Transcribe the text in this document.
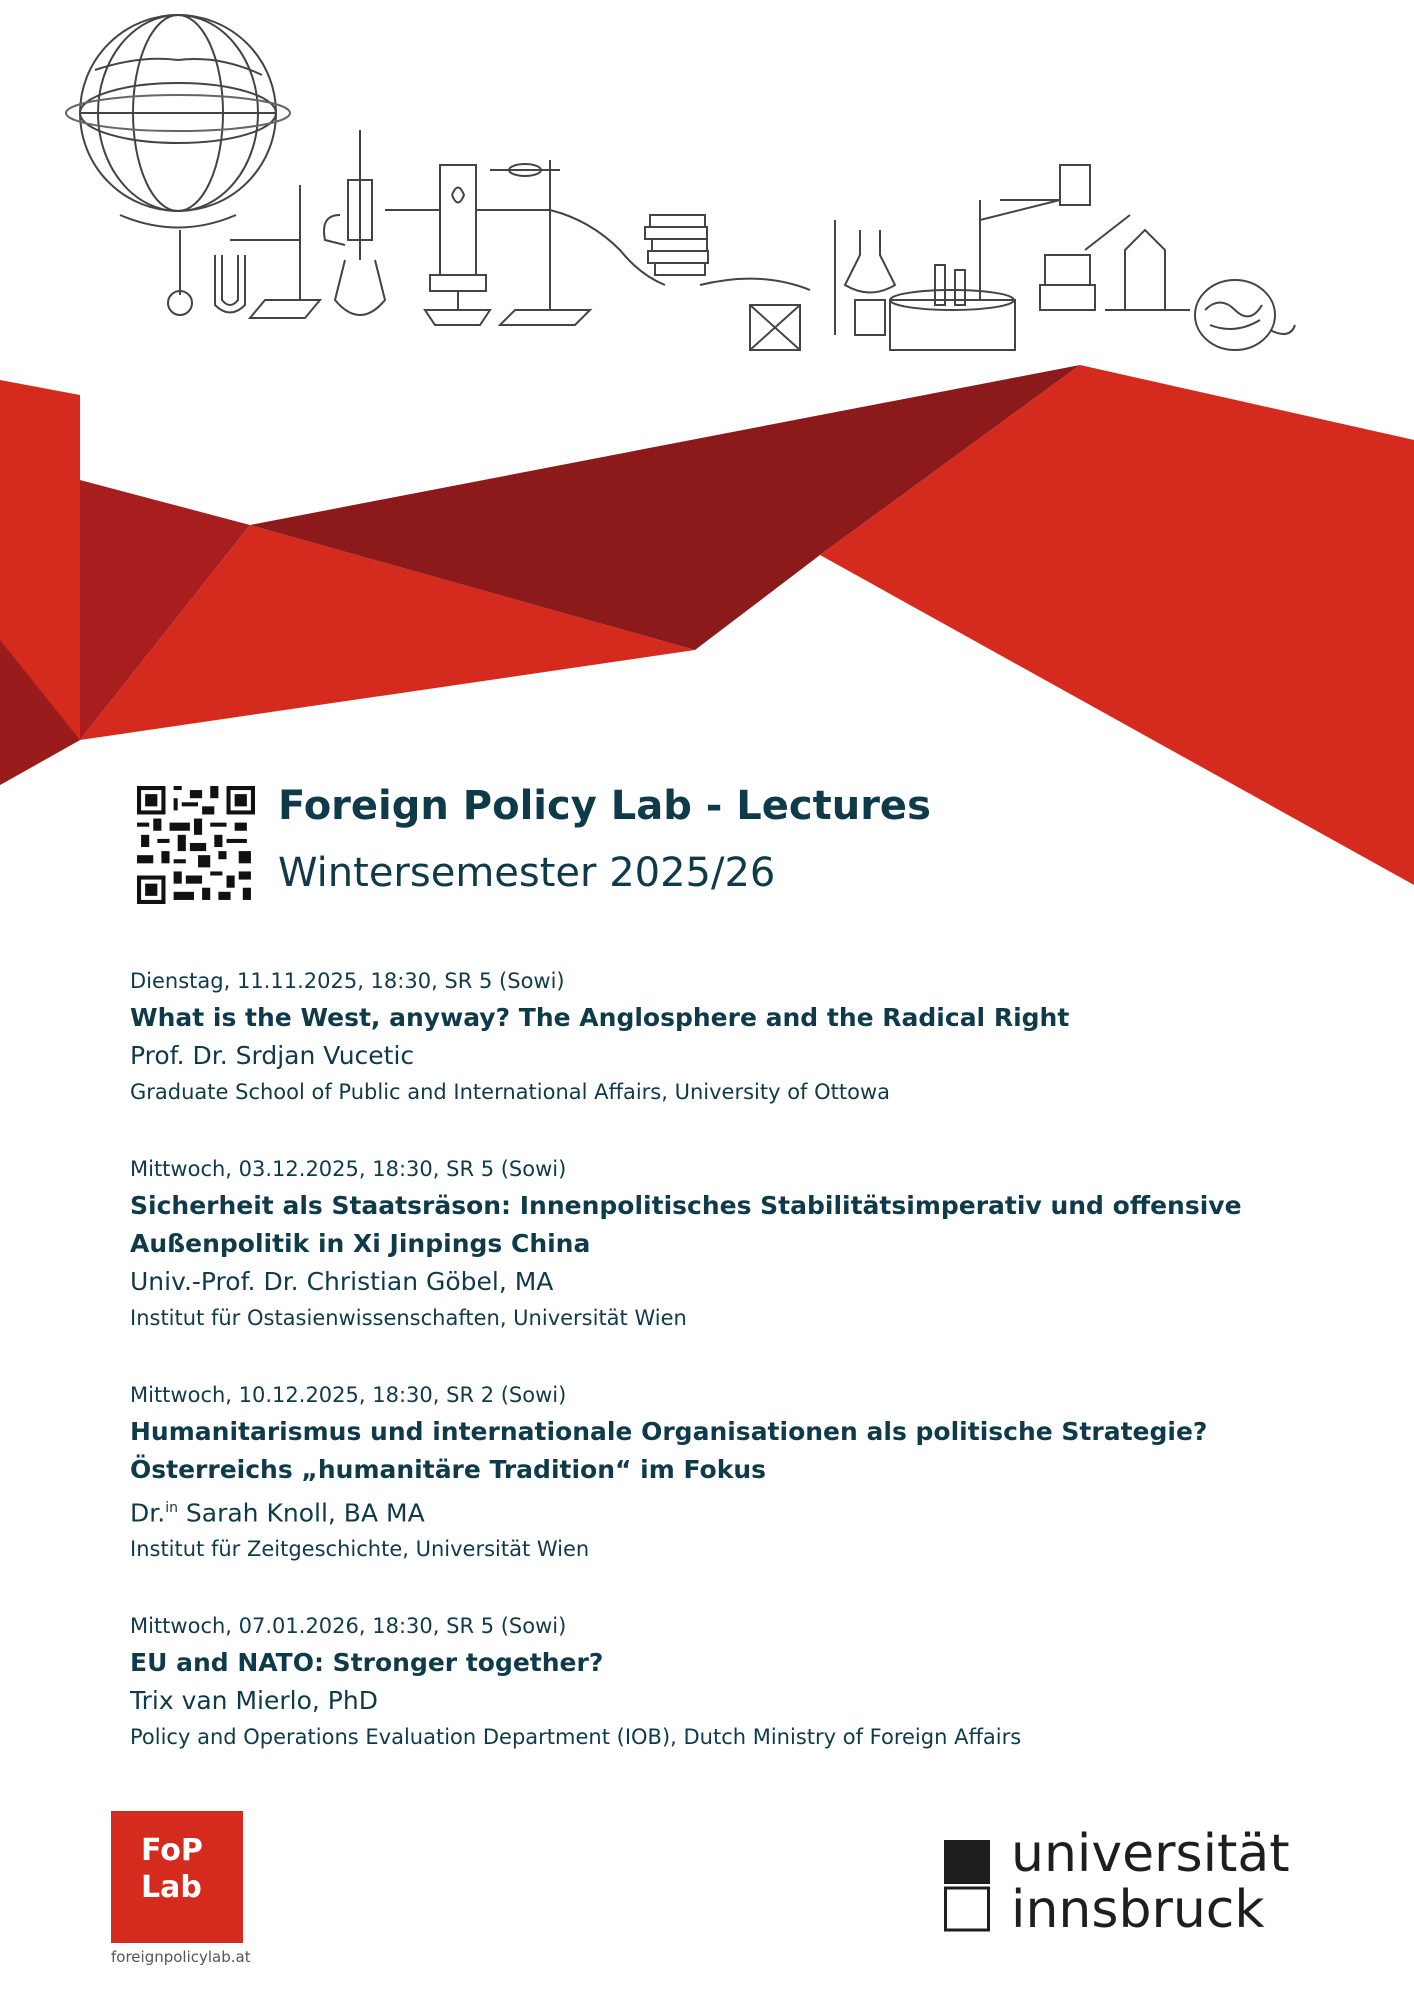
Foreign Policy Lab - Lectures
Wintersemester 2025/26
Dienstag, 11.11.2025, 18:30, SR 5 (Sowi)
What is the West, anyway? The Anglosphere and the Radical Right
Prof. Dr. Srdjan Vucetic
Graduate School of Public and International Affairs, University of Ottowa
Mittwoch, 03.12.2025, 18:30, SR 5 (Sowi)
Sicherheit als Staatsräson: Innenpolitisches Stabilitätsimperativ und offensive
Außenpolitik in Xi Jinpings China
Univ.-Prof. Dr. Christian Göbel, MA
Institut für Ostasienwissenschaften, Universität Wien
Mittwoch, 10.12.2025, 18:30, SR 2 (Sowi)
Humanitarismus und internationale Organisationen als politische Strategie?
Österreichs „humanitäre Tradition“ im Fokus
Dr.$^{in}$ Sarah Knoll, BA MA
Institut für Zeitgeschichte, Universität Wien
Mittwoch, 07.01.2026, 18:30, SR 5 (Sowi)
EU and NATO: Stronger together?
Trix van Mierlo, PhD
Policy and Operations Evaluation Department (IOB), Dutch Ministry of Foreign Affairs
FoP
Lab
foreignpolicylab.at
universität
innsbruck
